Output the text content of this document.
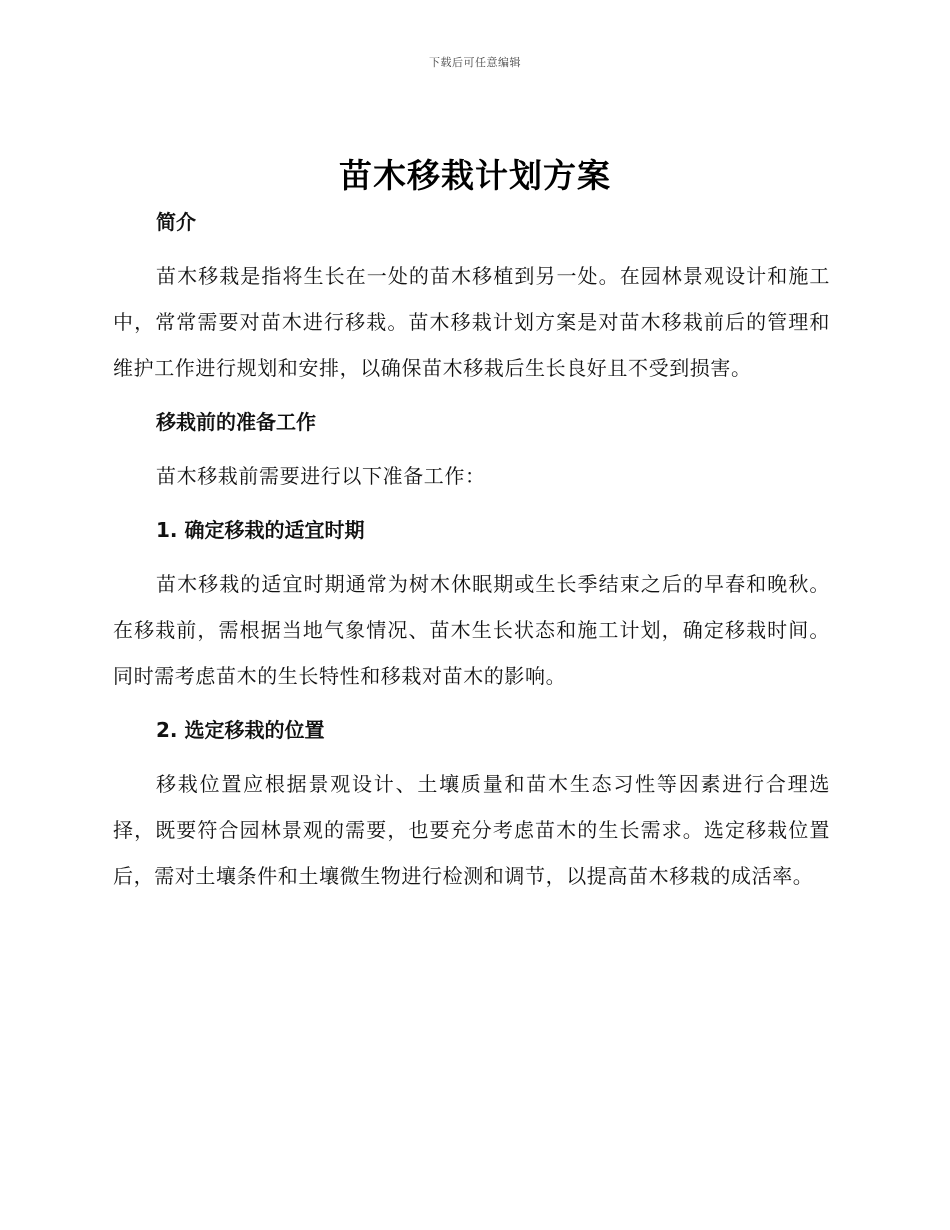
下载后可任意编辑
苗木移栽计划方案
简介

苗木移栽是指将生长在一处的苗木移植到另一处。在园林景观设计和施工中，常常需要对苗木进行移栽。苗木移栽计划方案是对苗木移栽前后的管理和维护工作进行规划和安排，以确保苗木移栽后生长良好且不受到损害。

移栽前的准备工作

苗木移栽前需要进行以下准备工作：

1. 确定移栽的适宜时期

苗木移栽的适宜时期通常为树木休眠期或生长季结束之后的早春和晚秋。在移栽前，需根据当地气象情况、苗木生长状态和施工计划，确定移栽时间。同时需考虑苗木的生长特性和移栽对苗木的影响。

2. 选定移栽的位置

移栽位置应根据景观设计、土壤质量和苗木生态习性等因素进行合理选择，既要符合园林景观的需要，也要充分考虑苗木的生长需求。选定移栽位置后，需对土壤条件和土壤微生物进行检测和调节，以提高苗木移栽的成活率。
